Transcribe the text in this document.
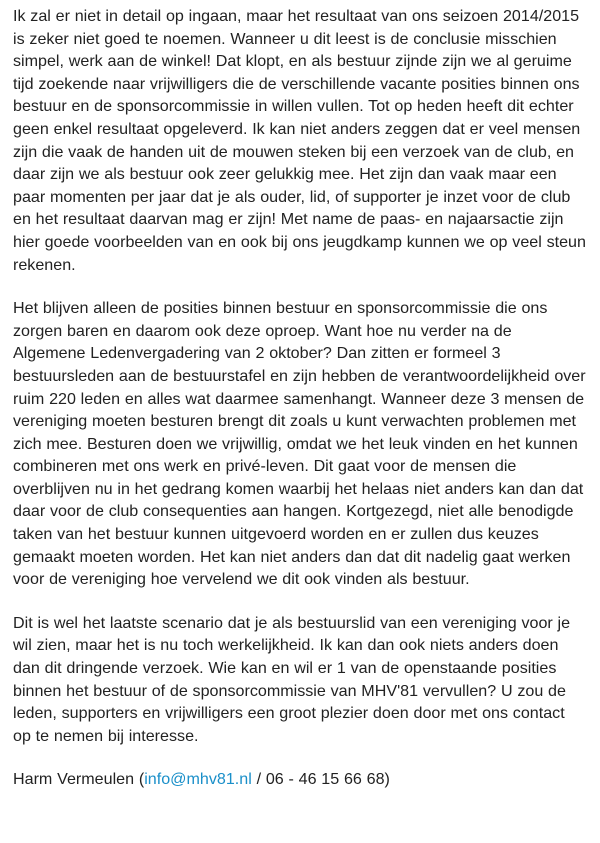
Ik zal er niet in detail op ingaan, maar het resultaat van ons seizoen 2014/2015 is zeker niet goed te noemen. Wanneer u dit leest is de conclusie misschien simpel, werk aan de winkel! Dat klopt, en als bestuur zijnde zijn we al geruime tijd zoekende naar vrijwilligers die de verschillende vacante posities binnen ons bestuur en de sponsorcommissie in willen vullen. Tot op heden heeft dit echter geen enkel resultaat opgeleverd. Ik kan niet anders zeggen dat er veel mensen zijn die vaak de handen uit de mouwen steken bij een verzoek van de club, en daar zijn we als bestuur ook zeer gelukkig mee. Het zijn dan vaak maar een paar momenten per jaar dat je als ouder, lid, of supporter je inzet voor de club en het resultaat daarvan mag er zijn! Met name de paas- en najaarsactie zijn hier goede voorbeelden van en ook bij ons jeugdkamp kunnen we op veel steun rekenen.

Het blijven alleen de posities binnen bestuur en sponsorcommissie die ons zorgen baren en daarom ook deze oproep. Want hoe nu verder na de Algemene Ledenvergadering van 2 oktober? Dan zitten er formeel 3 bestuursleden aan de bestuurstafel en zijn hebben de verantwoordelijkheid over ruim 220 leden en alles wat daarmee samenhangt. Wanneer deze 3 mensen de vereniging moeten besturen brengt dit zoals u kunt verwachten problemen met zich mee. Besturen doen we vrijwillig, omdat we het leuk vinden en het kunnen combineren met ons werk en privé-leven. Dit gaat voor de mensen die overblijven nu in het gedrang komen waarbij het helaas niet anders kan dan dat daar voor de club consequenties aan hangen. Kortgezegd, niet alle benodigde taken van het bestuur kunnen uitgevoerd worden en er zullen dus keuzes gemaakt moeten worden. Het kan niet anders dan dat dit nadelig gaat werken voor de vereniging hoe vervelend we dit ook vinden als bestuur.

Dit is wel het laatste scenario dat je als bestuurslid van een vereniging voor je wil zien, maar het is nu toch werkelijkheid. Ik kan dan ook niets anders doen dan dit dringende verzoek. Wie kan en wil er 1 van de openstaande posities binnen het bestuur of de sponsorcommissie van MHV'81 vervullen? U zou de leden, supporters en vrijwilligers een groot plezier doen door met ons contact op te nemen bij interesse.

Harm Vermeulen (info@mhv81.nl / 06 - 46 15 66 68)
